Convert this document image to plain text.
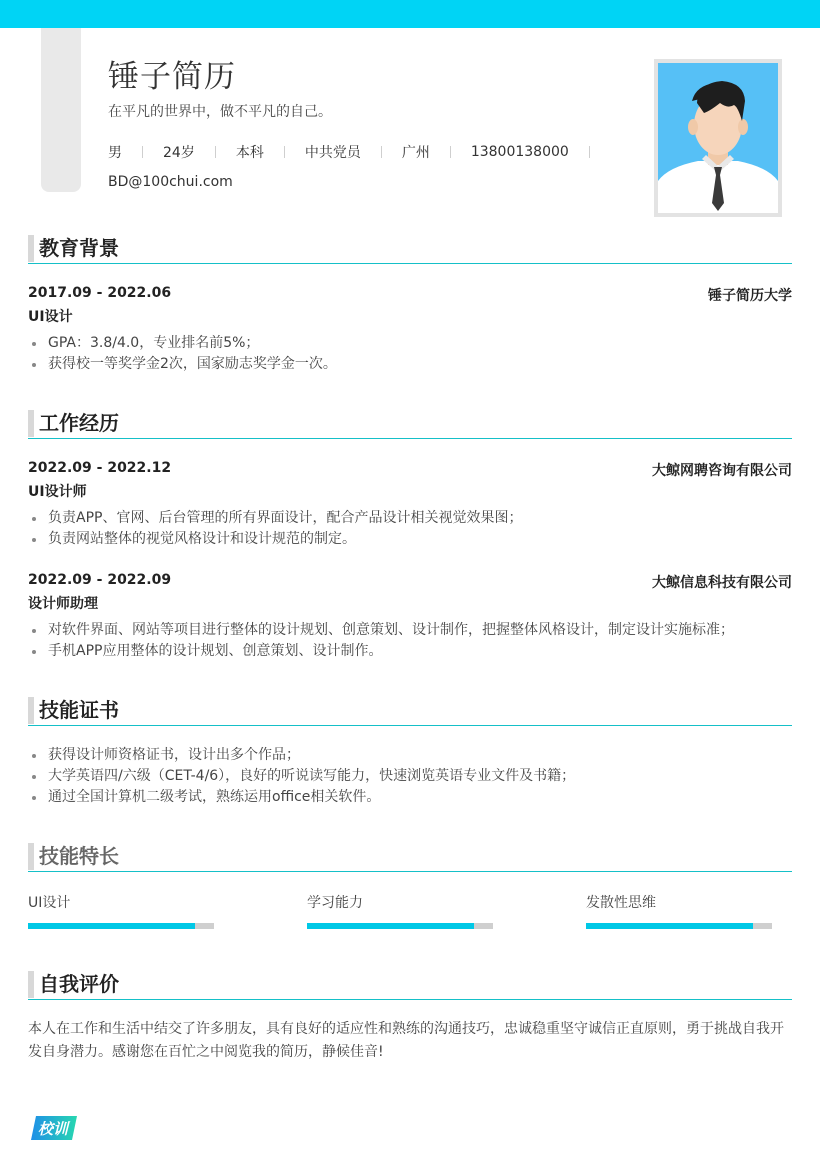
锤子简历
在平凡的世界中，做不平凡的自己。
男	24岁	本科	中共党员	广州	13800138000
BD@100chui.com
教育背景
2017.09 - 2022.06	锤子简历大学
UI设计
GPA：3.8/4.0，专业排名前5%；
获得校一等奖学金2次，国家励志奖学金一次。
工作经历
2022.09 - 2022.12	大鲸网聘咨询有限公司
UI设计师
负责APP、官网、后台管理的所有界面设计，配合产品设计相关视觉效果图；
负责网站整体的视觉风格设计和设计规范的制定。
2022.09 - 2022.09	大鲸信息科技有限公司
设计师助理
对软件界面、网站等项目进行整体的设计规划、创意策划、设计制作，把握整体风格设计，制定设计实施标准；
手机APP应用整体的设计规划、创意策划、设计制作。
技能证书
获得设计师资格证书，设计出多个作品；
大学英语四/六级（CET-4/6），良好的听说读写能力，快速浏览英语专业文件及书籍；
通过全国计算机二级考试，熟练运用office相关软件。
技能特长
UI设计	学习能力	发散性思维
自我评价
本人在工作和生活中结交了许多朋友，具有良好的适应性和熟练的沟通技巧，忠诚稳重坚守诚信正直原则，勇于挑战自我开发自身潜力。感谢您在百忙之中阅览我的简历，静候佳音!
校训
